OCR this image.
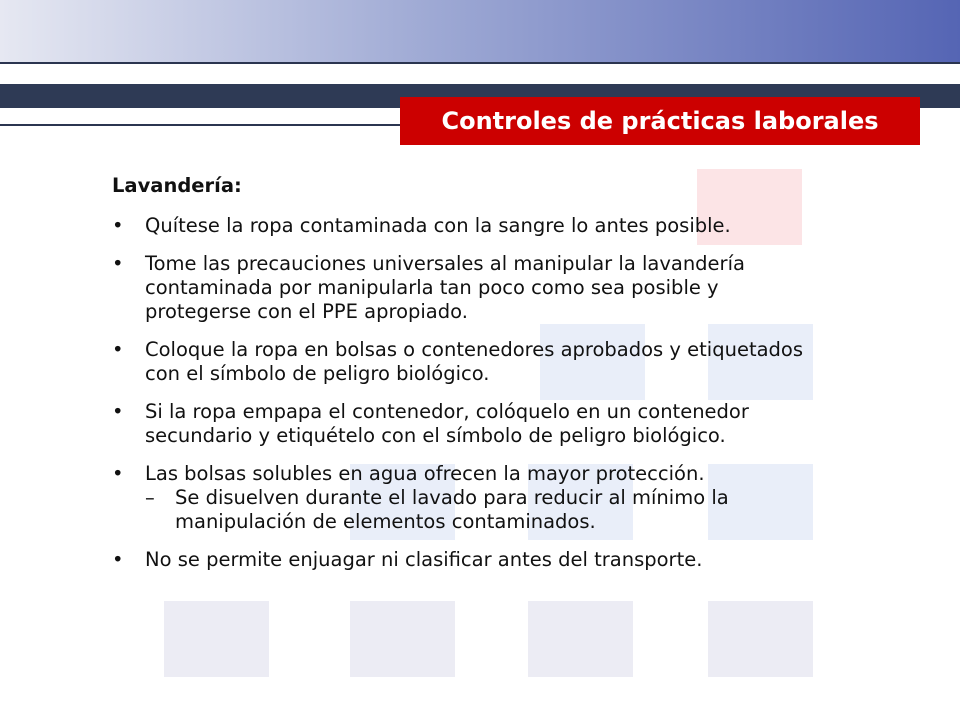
Controles de prácticas laborales
Lavandería:
• Quítese la ropa contaminada con la sangre lo antes posible.
• Tome las precauciones universales al manipular la lavandería contaminada por manipularla tan poco como sea posible y protegerse con el PPE apropiado.
• Coloque la ropa en bolsas o contenedores aprobados y etiquetados con el símbolo de peligro biológico.
• Si la ropa empapa el contenedor, colóquelo en un contenedor secundario y etiquételo con el símbolo de peligro biológico.
• Las bolsas solubles en agua ofrecen la mayor protección.
– Se disuelven durante el lavado para reducir al mínimo la manipulación de elementos contaminados.
• No se permite enjuagar ni clasificar antes del transporte.
